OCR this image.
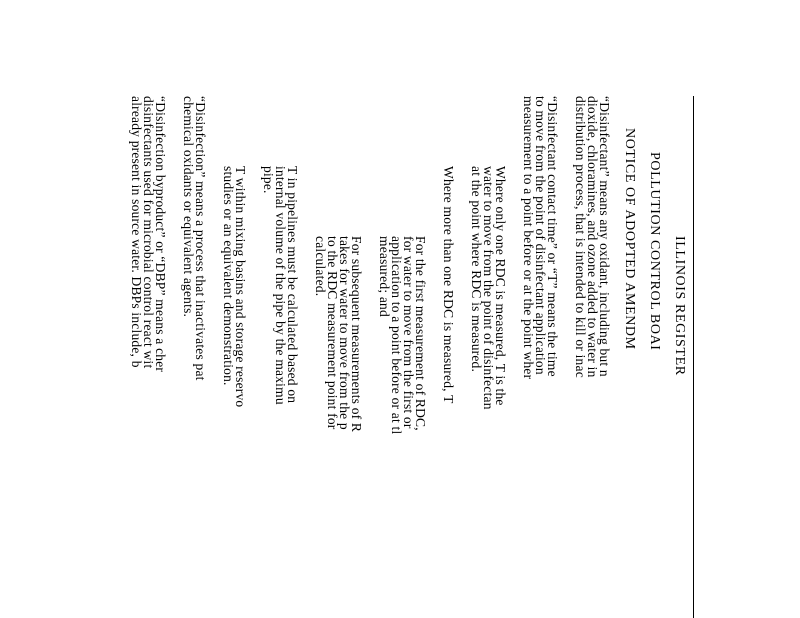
ILLINOIS REGISTER
POLLUTION CONTROL BOAI
NOTICE OF ADOPTED AMENDM
“Disinfectant” means any oxidant, including but n
dioxide, chloramines, and ozone added to water in
distribution process, that is intended to kill or inac
“Disinfectant contact time” or “T” means the time
to move from the point of disinfectant application
measurement to a point before or at the point wher
Where only one RDC is measured, T is the
water to move from the point of disinfectan
at the point where RDC is measured.
Where more than one RDC is measured, T
For the first measurement of RDC,
for water to move from the first or
application to a point before or at tl
measured; and
For subsequent measurements of R
takes for water to move from the p
to the RDC measurement point for
calculated.
T in pipelines must be calculated based on
internal volume of the pipe by the maximu
pipe.
T within mixing basins and storage reservo
studies or an equivalent demonstration.
“Disinfection” means a process that inactivates pat
chemical oxidants or equivalent agents.
“Disinfection byproduct” or “DBP” means a cher
disinfectants used for microbial control react wit
already present in source water. DBPs include, b
